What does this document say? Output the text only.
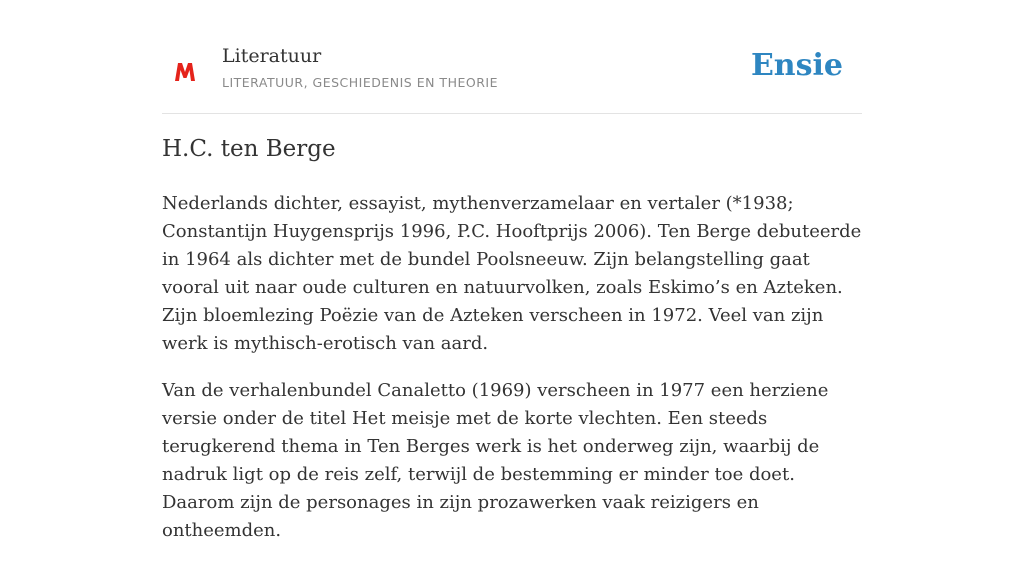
Literatuur
LITERATUUR, GESCHIEDENIS EN THEORIE	Ensie
H.C. ten Berge

Nederlands dichter, essayist, mythenverzamelaar en vertaler (*1938; Constantijn Huygensprijs 1996, P.C. Hooftprijs 2006). Ten Berge debuteerde in 1964 als dichter met de bundel Poolsneeuw. Zijn belangstelling gaat vooral uit naar oude culturen en natuurvolken, zoals Eskimo’s en Azteken. Zijn bloemlezing Poëzie van de Azteken verscheen in 1972. Veel van zijn werk is mythisch-erotisch van aard.

Van de verhalenbundel Canaletto (1969) verscheen in 1977 een herziene versie onder de titel Het meisje met de korte vlechten. Een steeds terugkerend thema in Ten Berges werk is het onderweg zijn, waarbij de nadruk ligt op de reis zelf, terwijl de bestemming er minder toe doet. Daarom zijn de personages in zijn prozawerken vaak reizigers en ontheemden.
